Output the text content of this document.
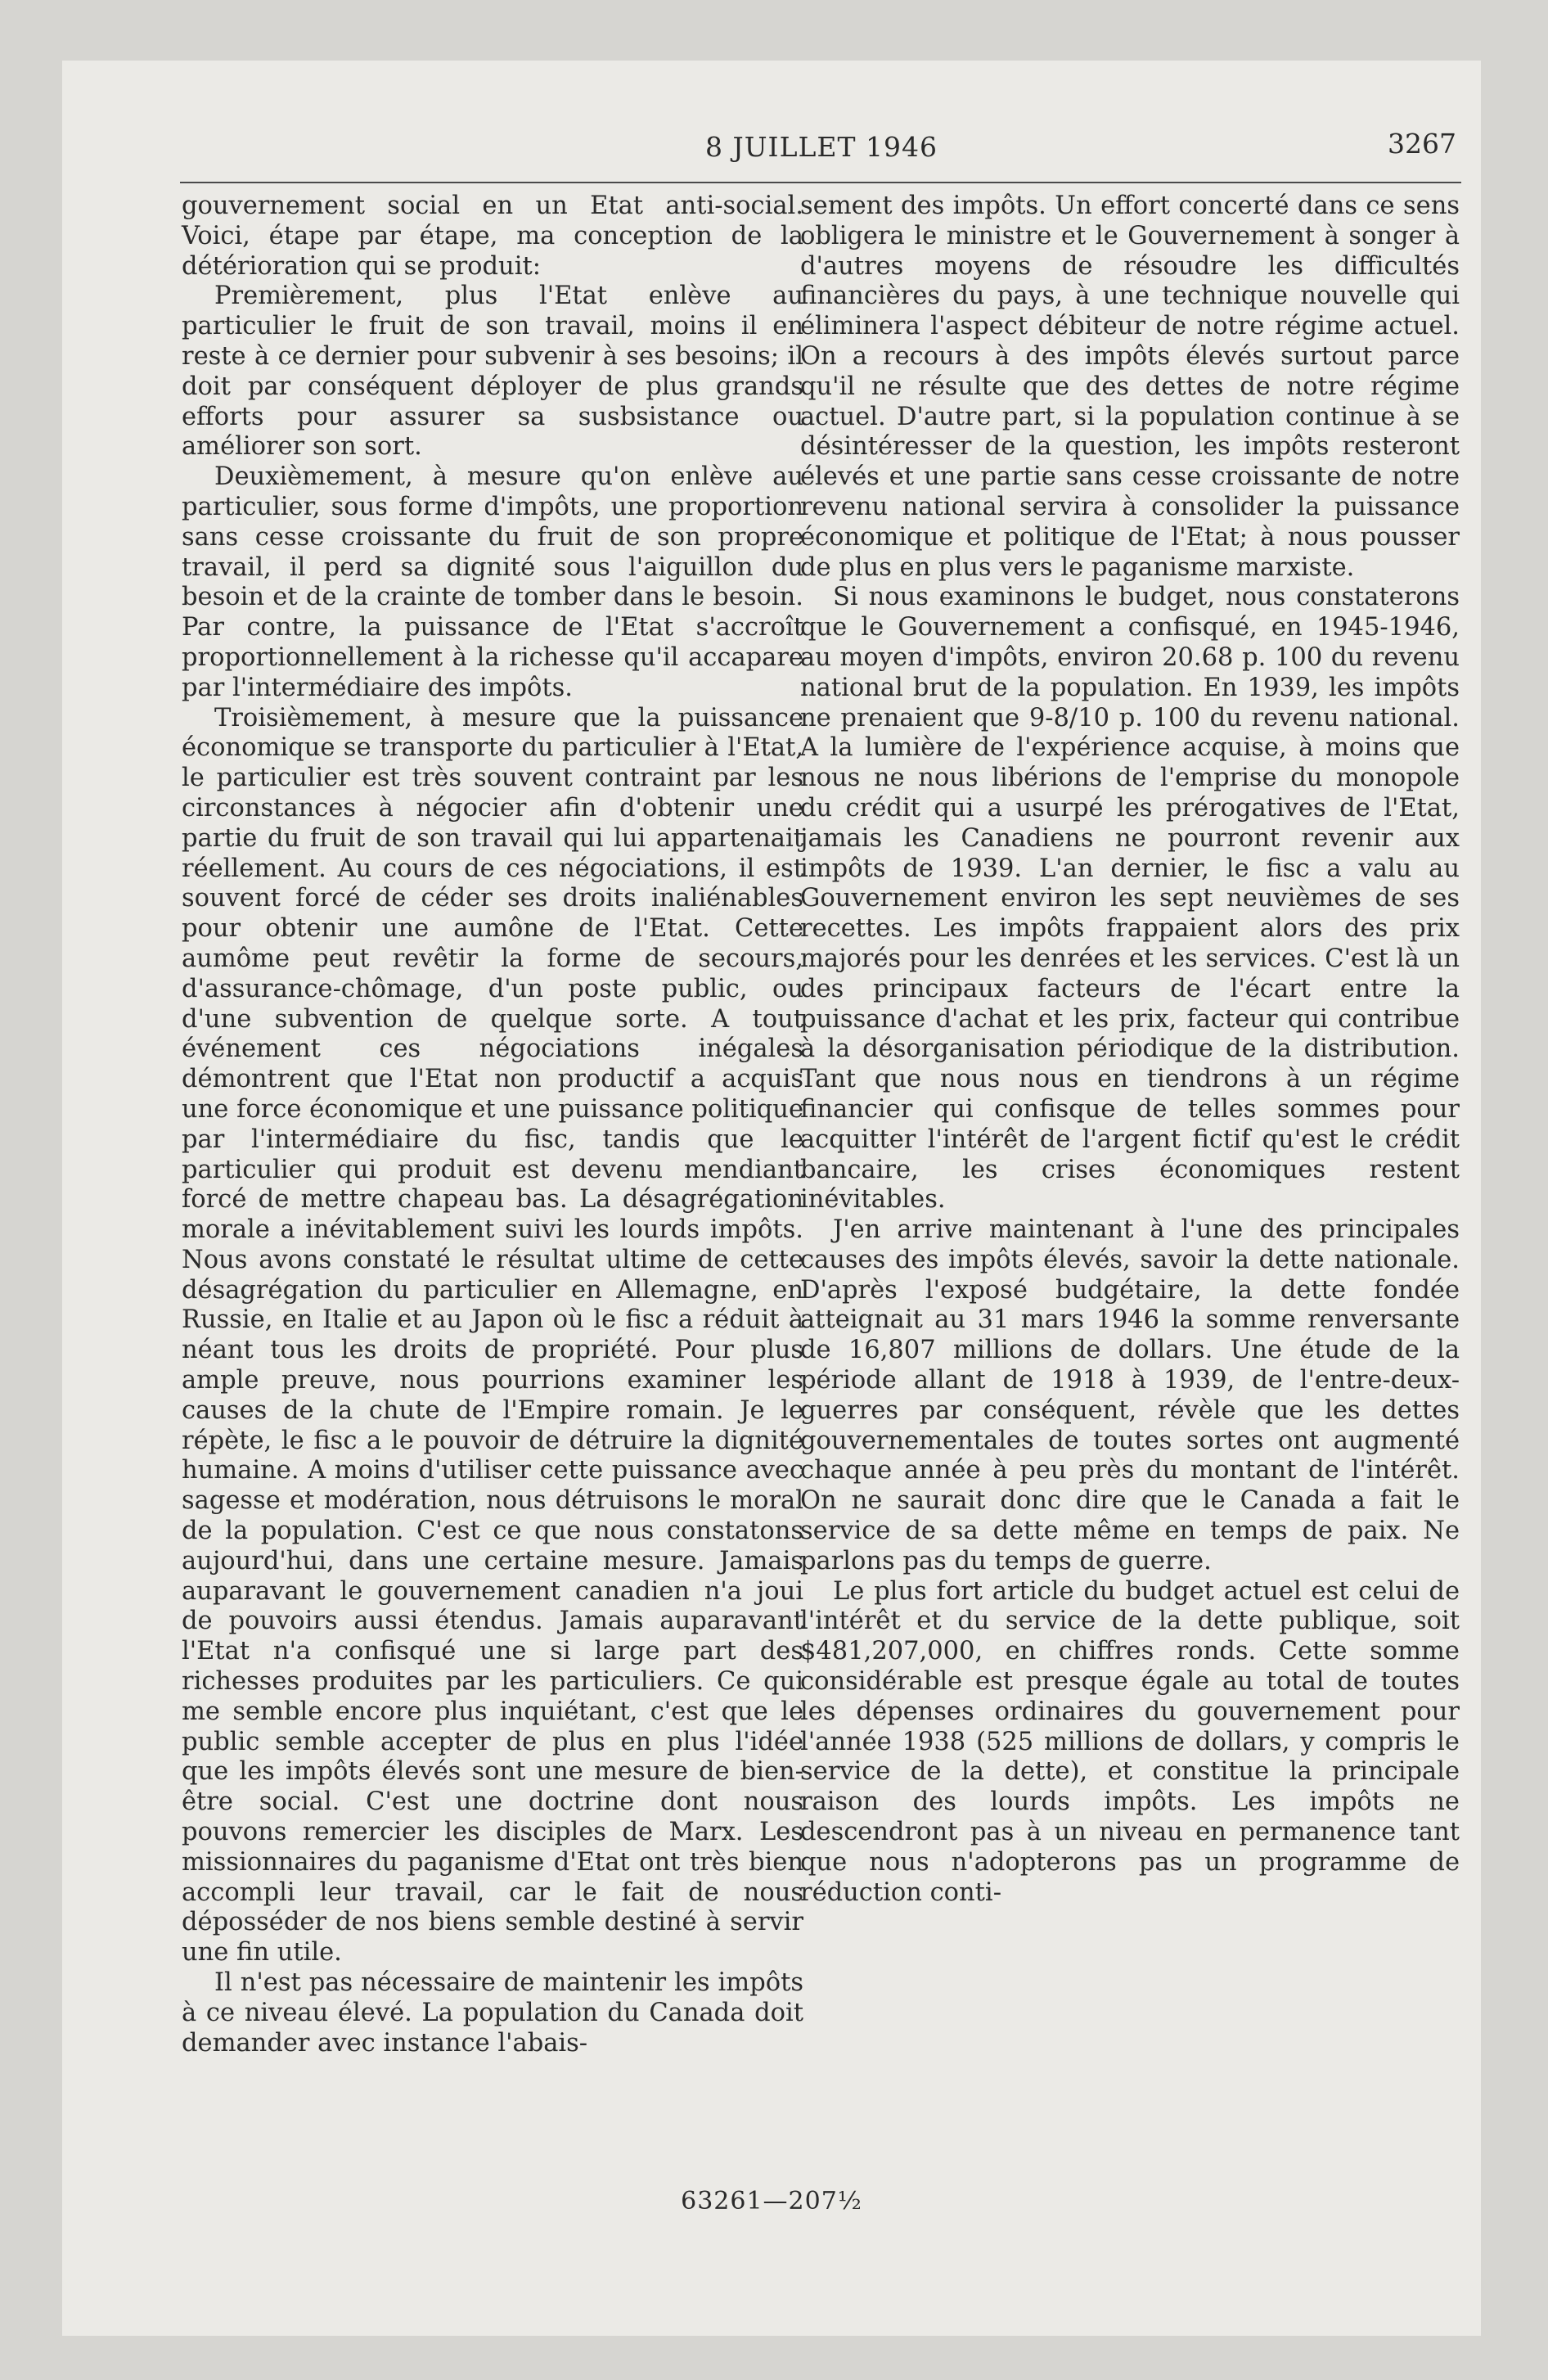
8 JUILLET 1946	3267

gouvernement social en un Etat anti-social. Voici, étape par étape, ma conception de la détérioration qui se produit:

Premièrement, plus l'Etat enlève au particulier le fruit de son travail, moins il en reste à ce dernier pour subvenir à ses besoins; il doit par conséquent déployer de plus grands efforts pour assurer sa susbsistance ou améliorer son sort.

Deuxièmement, à mesure qu'on enlève au particulier, sous forme d'impôts, une proportion sans cesse croissante du fruit de son propre travail, il perd sa dignité sous l'aiguillon du besoin et de la crainte de tomber dans le besoin. Par contre, la puissance de l'Etat s'accroît proportionnellement à la richesse qu'il accapare par l'intermédiaire des impôts.

Troisièmement, à mesure que la puissance économique se transporte du particulier à l'Etat, le particulier est très souvent contraint par les circonstances à négocier afin d'obtenir une partie du fruit de son travail qui lui appartenait réellement. Au cours de ces négociations, il est souvent forcé de céder ses droits inaliénables pour obtenir une aumône de l'Etat. Cette aumôme peut revêtir la forme de secours, d'assurance-chômage, d'un poste public, ou d'une subvention de quelque sorte. A tout événement ces négociations inégales démontrent que l'Etat non productif a acquis une force économique et une puissance politique par l'intermédiaire du fisc, tandis que le particulier qui produit est devenu mendiant forcé de mettre chapeau bas. La désagrégation morale a inévitablement suivi les lourds impôts. Nous avons constaté le résultat ultime de cette désagrégation du particulier en Allemagne, en Russie, en Italie et au Japon où le fisc a réduit à néant tous les droits de propriété. Pour plus ample preuve, nous pourrions examiner les causes de la chute de l'Empire romain. Je le répète, le fisc a le pouvoir de détruire la dignité humaine. A moins d'utiliser cette puissance avec sagesse et modération, nous détruisons le moral de la population. C'est ce que nous constatons aujourd'hui, dans une certaine mesure. Jamais auparavant le gouvernement canadien n'a joui de pouvoirs aussi étendus. Jamais auparavant l'Etat n'a confisqué une si large part des richesses produites par les particuliers. Ce qui me semble encore plus inquiétant, c'est que le public semble accepter de plus en plus l'idée que les impôts élevés sont une mesure de bien-être social. C'est une doctrine dont nous pouvons remercier les disciples de Marx. Les missionnaires du paganisme d'Etat ont très bien accompli leur travail, car le fait de nous déposséder de nos biens semble destiné à servir une fin utile.

Il n'est pas nécessaire de maintenir les impôts à ce niveau élevé. La population du Canada doit demander avec instance l'abais-

sement des impôts. Un effort concerté dans ce sens obligera le ministre et le Gouvernement à songer à d'autres moyens de résoudre les difficultés financières du pays, à une technique nouvelle qui éliminera l'aspect débiteur de notre régime actuel. On a recours à des impôts élevés surtout parce qu'il ne résulte que des dettes de notre régime actuel. D'autre part, si la population continue à se désintéresser de la question, les impôts resteront élevés et une partie sans cesse croissante de notre revenu national servira à consolider la puissance économique et politique de l'Etat; à nous pousser de plus en plus vers le paganisme marxiste.

Si nous examinons le budget, nous constaterons que le Gouvernement a confisqué, en 1945-1946, au moyen d'impôts, environ 20.68 p. 100 du revenu national brut de la population. En 1939, les impôts ne prenaient que 9-8/10 p. 100 du revenu national. A la lumière de l'expérience acquise, à moins que nous ne nous libérions de l'emprise du monopole du crédit qui a usurpé les prérogatives de l'Etat, jamais les Canadiens ne pourront revenir aux impôts de 1939. L'an dernier, le fisc a valu au Gouvernement environ les sept neuvièmes de ses recettes. Les impôts frappaient alors des prix majorés pour les denrées et les services. C'est là un des principaux facteurs de l'écart entre la puissance d'achat et les prix, facteur qui contribue à la désorganisation périodique de la distribution. Tant que nous nous en tiendrons à un régime financier qui confisque de telles sommes pour acquitter l'intérêt de l'argent fictif qu'est le crédit bancaire, les crises économiques restent inévitables.

J'en arrive maintenant à l'une des principales causes des impôts élevés, savoir la dette nationale. D'après l'exposé budgétaire, la dette fondée atteignait au 31 mars 1946 la somme renversante de 16,807 millions de dollars. Une étude de la période allant de 1918 à 1939, de l'entre-deux-guerres par conséquent, révèle que les dettes gouvernementales de toutes sortes ont augmenté chaque année à peu près du montant de l'intérêt. On ne saurait donc dire que le Canada a fait le service de sa dette même en temps de paix. Ne parlons pas du temps de guerre.

Le plus fort article du budget actuel est celui de l'intérêt et du service de la dette publique, soit $481,207,000, en chiffres ronds. Cette somme considérable est presque égale au total de toutes les dépenses ordinaires du gouvernement pour l'année 1938 (525 millions de dollars, y compris le service de la dette), et constitue la principale raison des lourds impôts. Les impôts ne descendront pas à un niveau en permanence tant que nous n'adopterons pas un programme de réduction conti-

63261—207½
